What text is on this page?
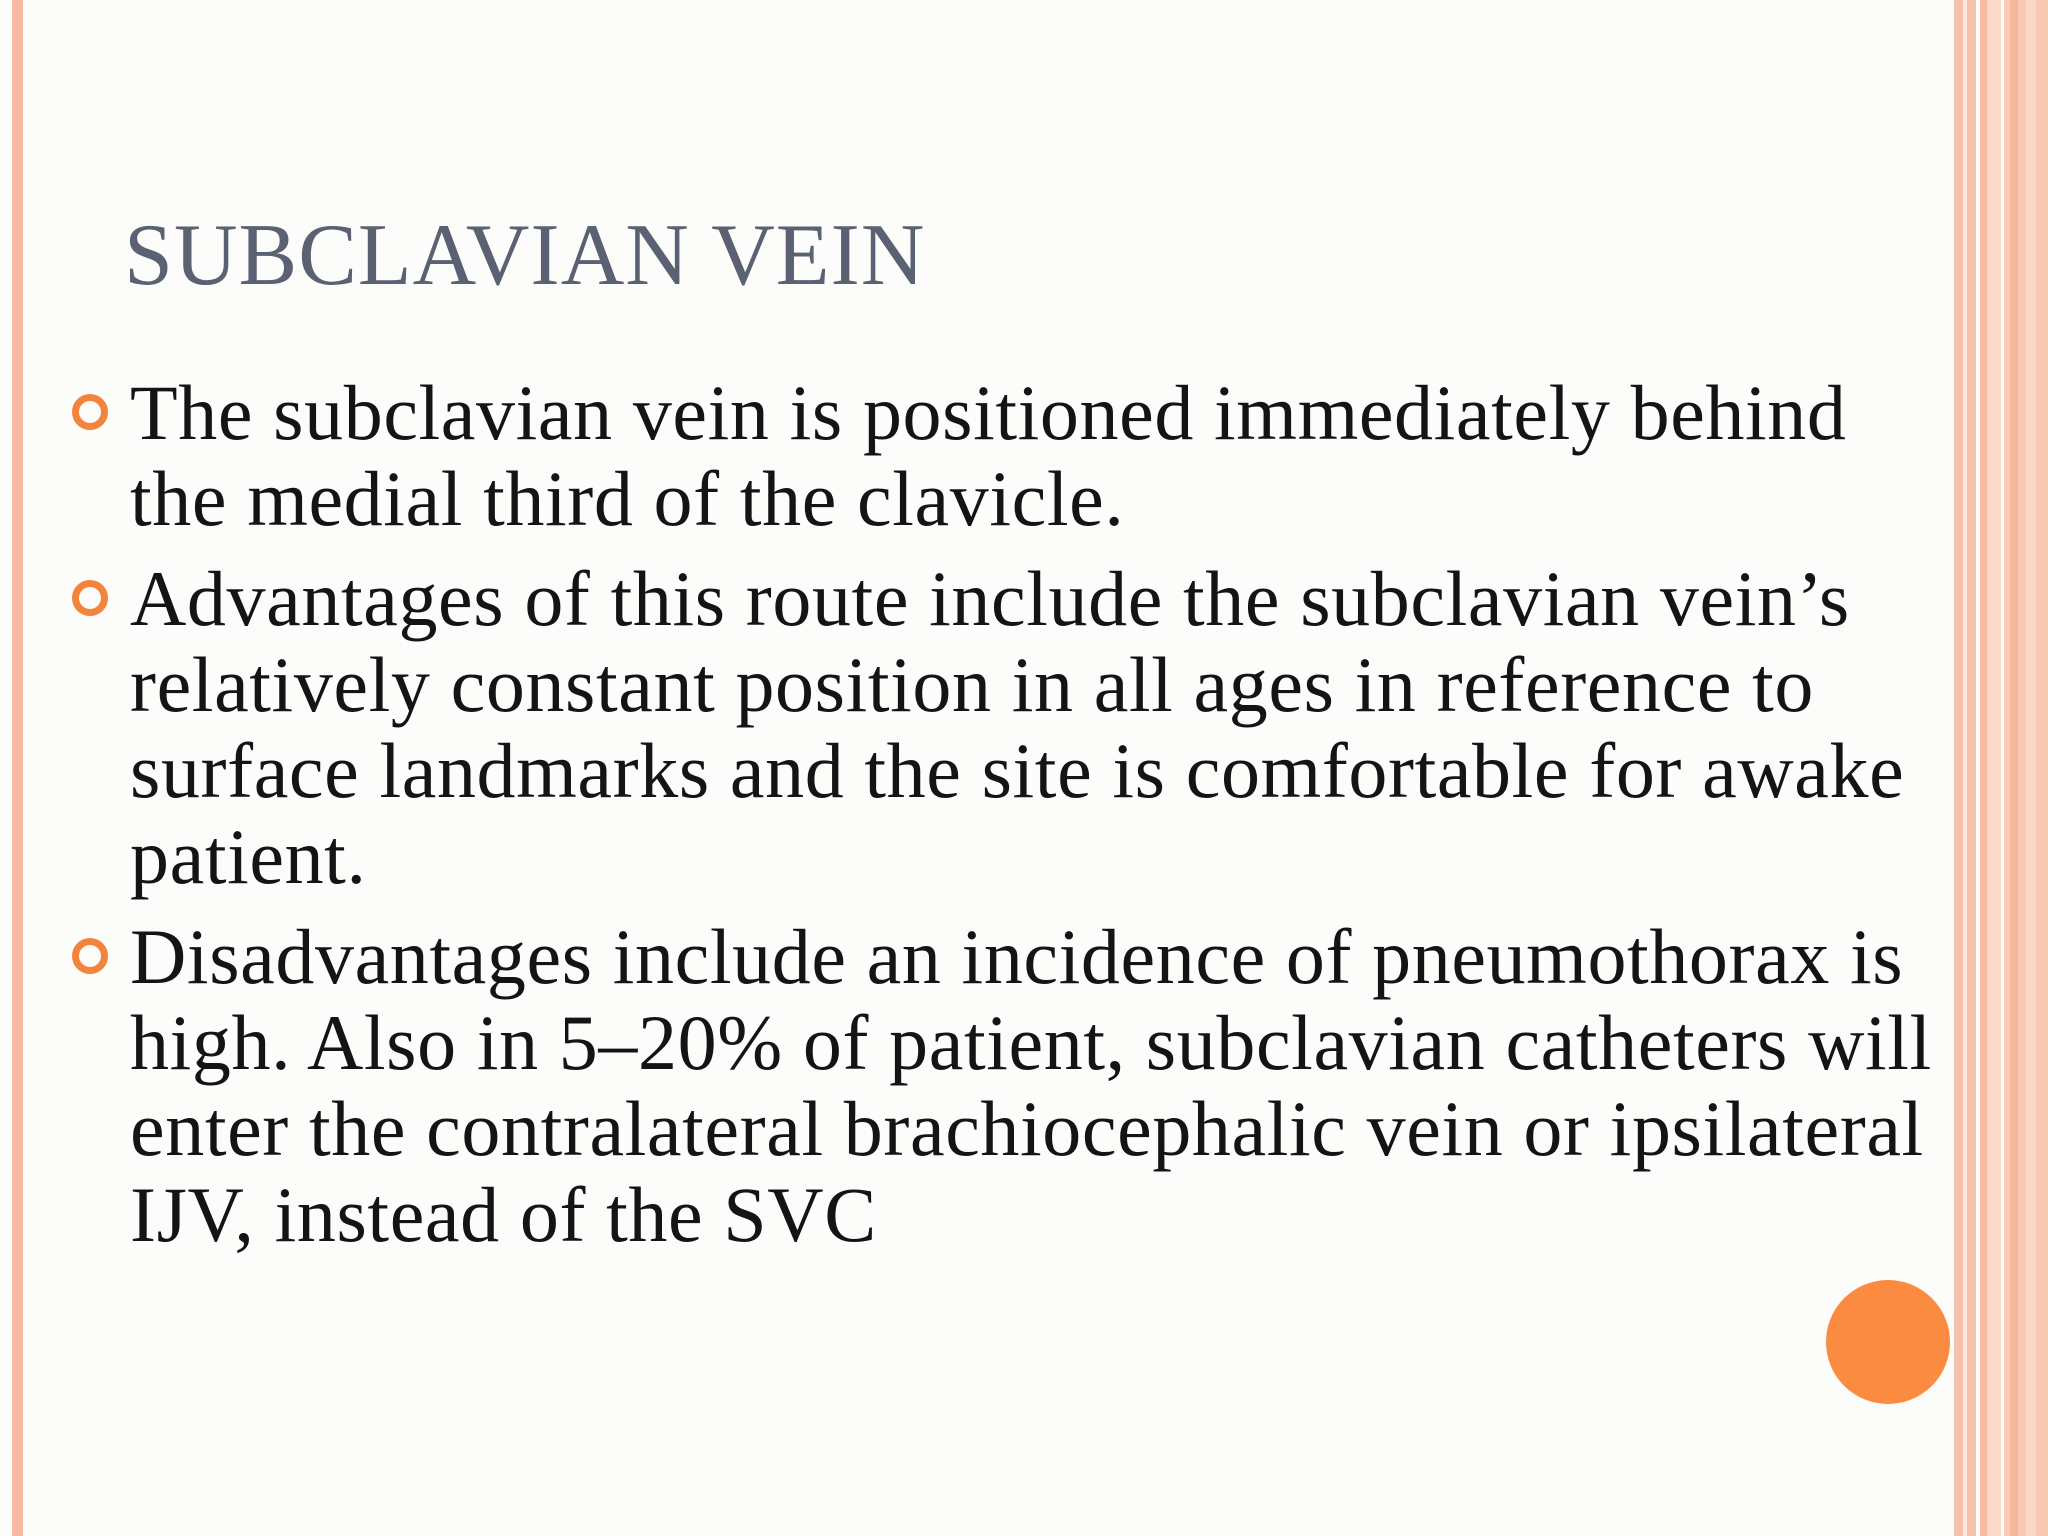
SUBCLAVIAN VEIN
The subclavian vein is positioned immediately behind the medial third of the clavicle.
Advantages of this route include the subclavian vein’s relatively constant position in all ages in reference to surface landmarks and the site is comfortable for awake patient.
Disadvantages include an incidence of pneumothorax is high. Also in 5–20% of patient, subclavian catheters will enter the contralateral brachiocephalic vein or ipsilateral IJV, instead of the SVC
